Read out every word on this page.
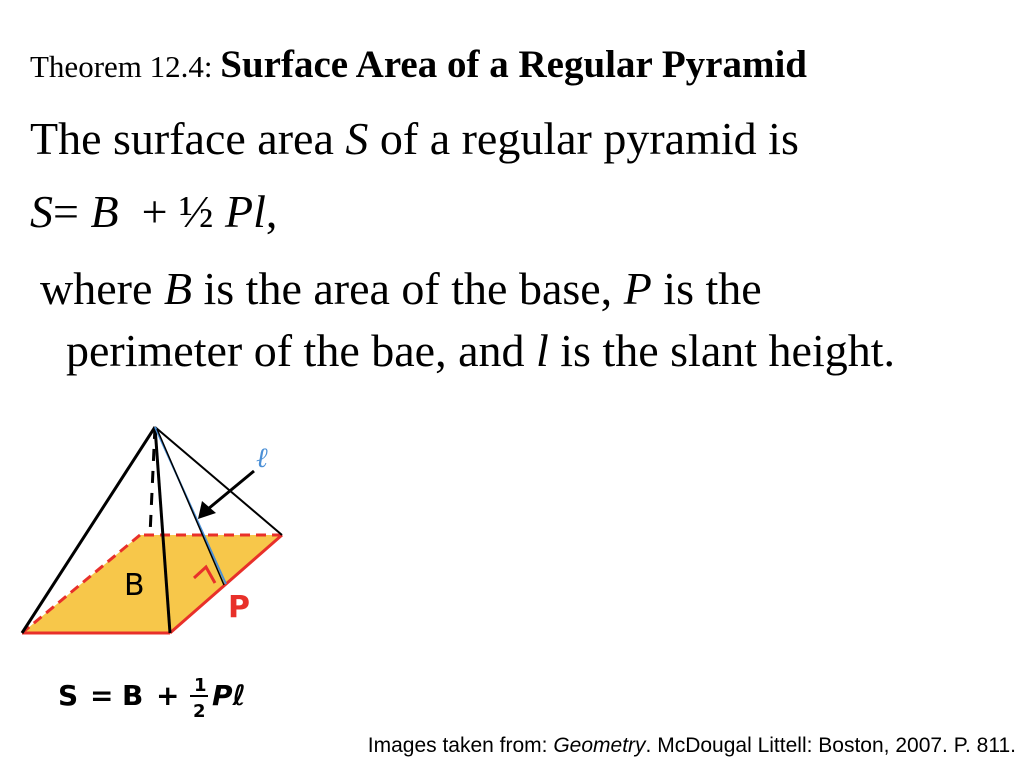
Theorem 12.4: Surface Area of a Regular Pyramid
The surface area S of a regular pyramid is
S= B  + ½ Pl,
where B is the area of the base, P is the
perimeter of the bae, and l is the slant height.
ℓ
B
P
S = B + 1
2 Pℓ
Images taken from: Geometry. McDougal Littell: Boston, 2007. P. 811.
